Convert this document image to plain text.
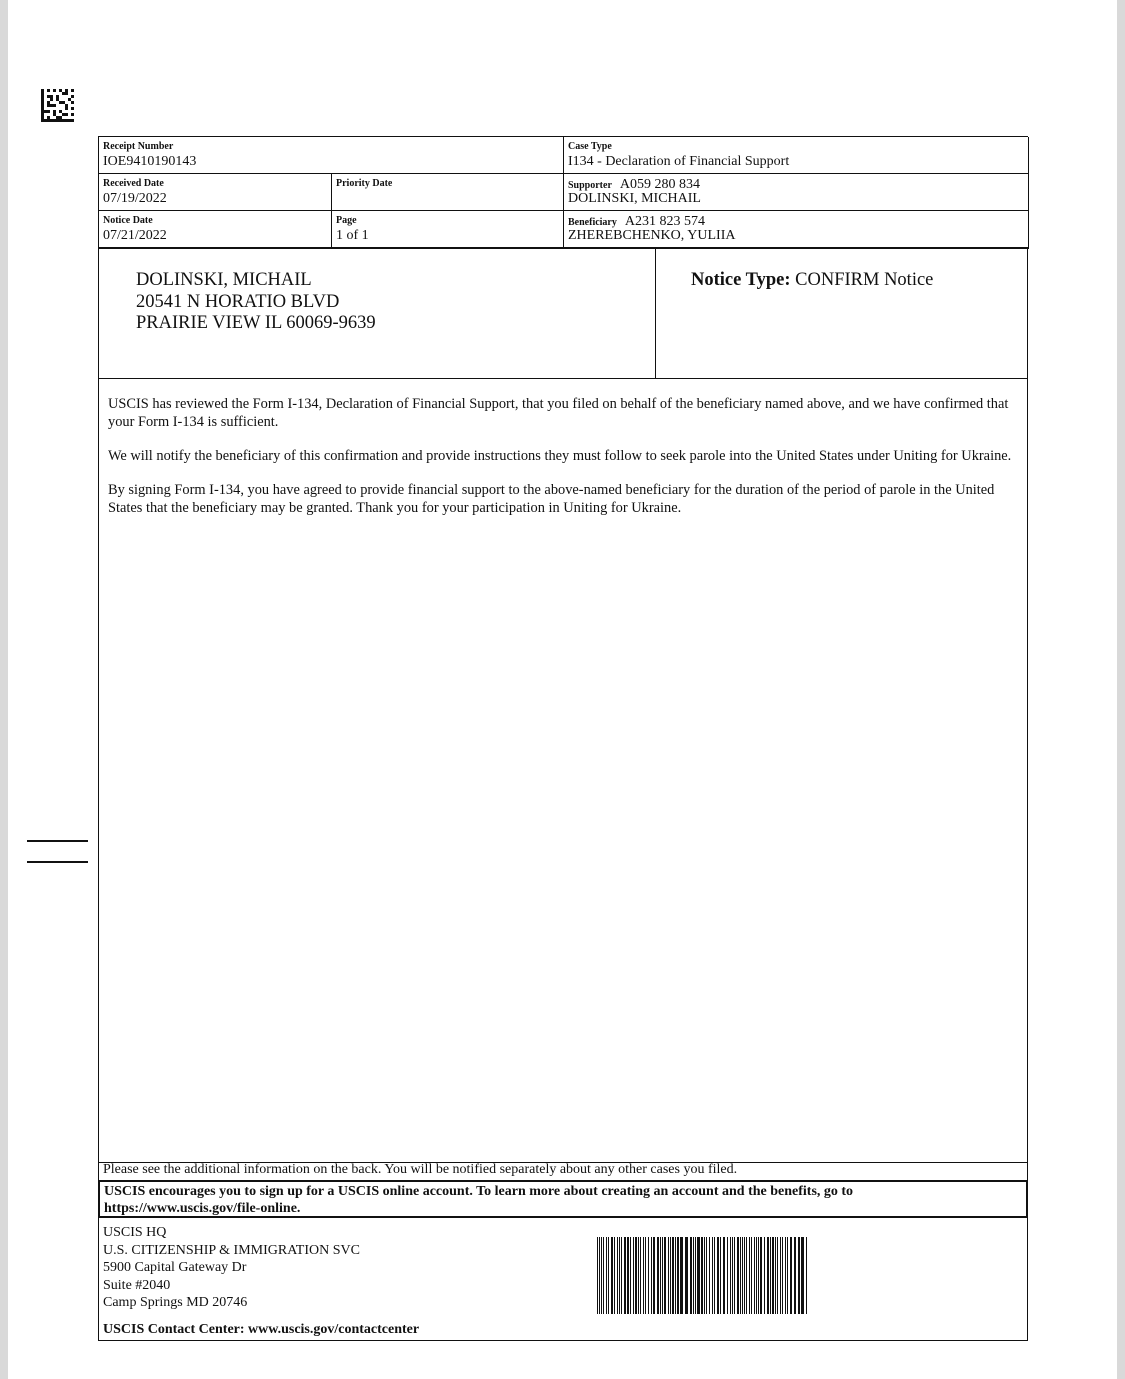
Receipt Number
IOE9410190143
Case Type
I134 - Declaration of Financial Support
Received Date
07/19/2022
Priority Date	Supporter A059 280 834
DOLINSKI, MICHAIL
Notice Date
07/21/2022
Page
1 of 1
Beneficiary A231 823 574
ZHEREBCHENKO, YULIIA
DOLINSKI, MICHAIL
20541 N HORATIO BLVD
PRAIRIE VIEW IL 60069-9639
Notice Type: CONFIRM Notice

USCIS has reviewed the Form I-134, Declaration of Financial Support, that you filed on behalf of the beneficiary named above, and we have confirmed that your Form I-134 is sufficient.

We will notify the beneficiary of this confirmation and provide instructions they must follow to seek parole into the United States under Uniting for Ukraine.

By signing Form I-134, you have agreed to provide financial support to the above-named beneficiary for the duration of the period of parole in the United States that the beneficiary may be granted. Thank you for your participation in Uniting for Ukraine.

Please see the additional information on the back. You will be notified separately about any other cases you filed.
USCIS encourages you to sign up for a USCIS online account. To learn more about creating an account and the benefits, go to https://www.uscis.gov/file-online.
USCIS HQ
U.S. CITIZENSHIP & IMMIGRATION SVC
5900 Capital Gateway Dr
Suite #2040
Camp Springs MD 20746
USCIS Contact Center: www.uscis.gov/contactcenter
